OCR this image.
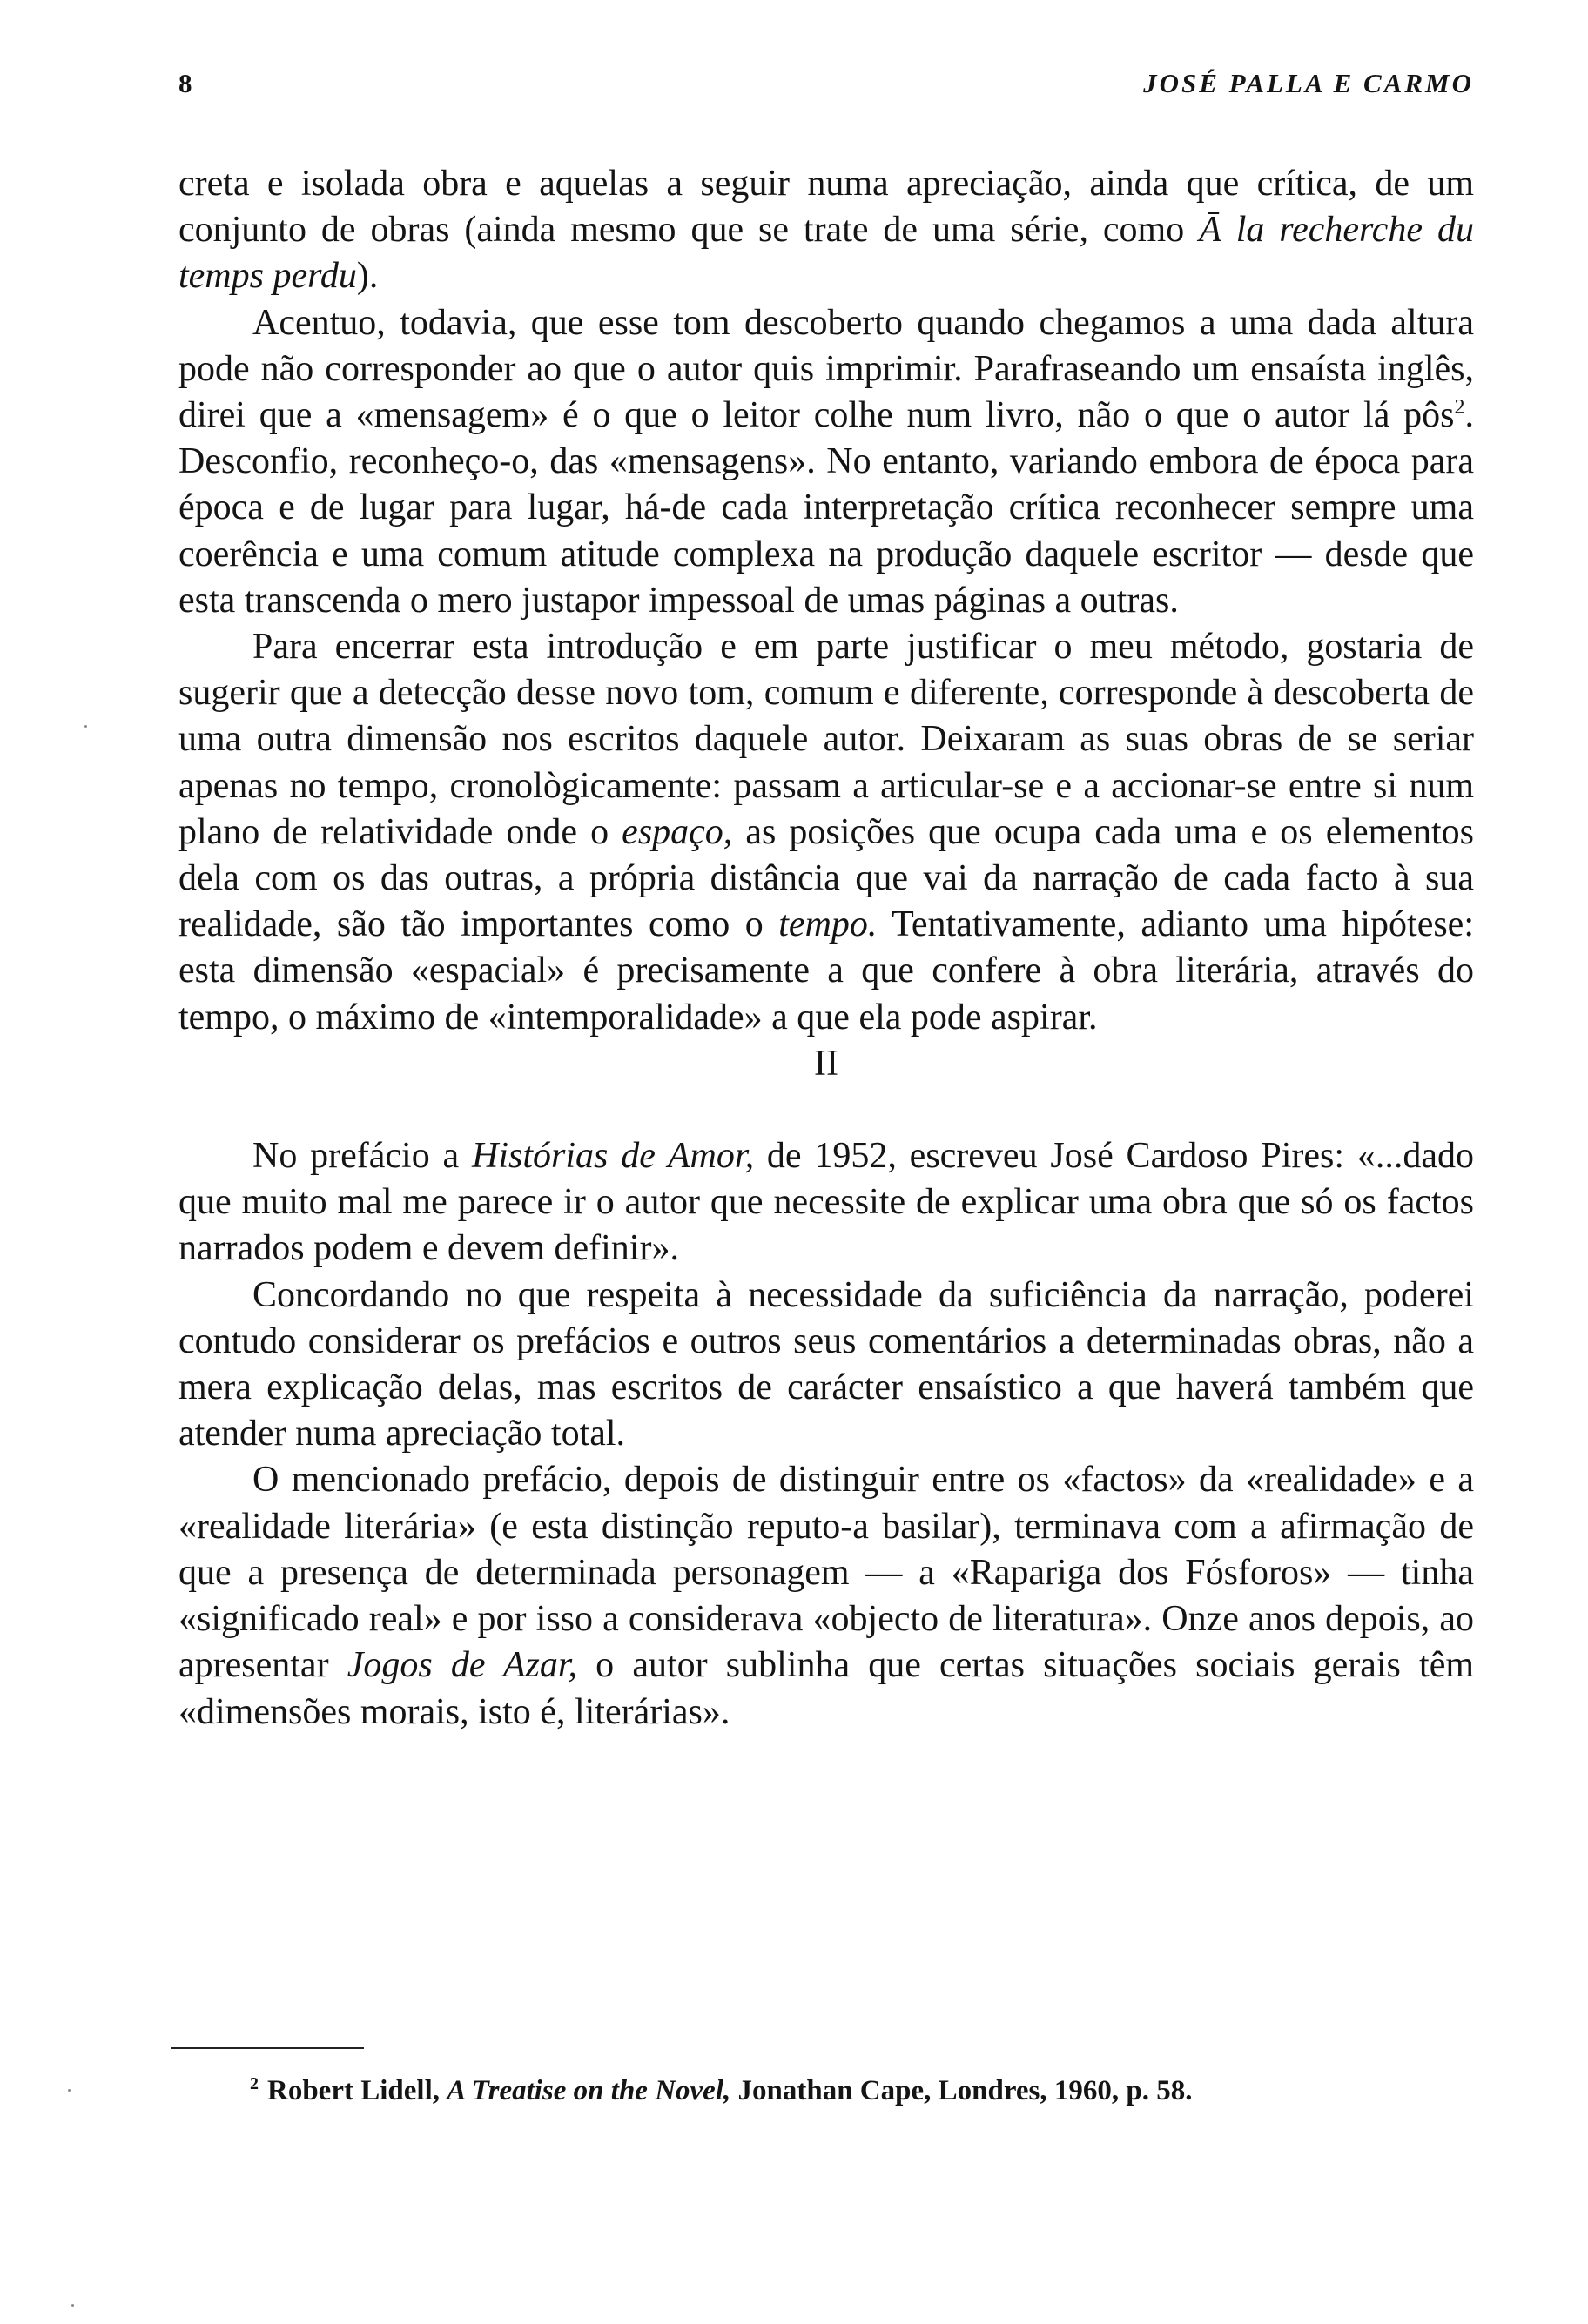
8	JOSÉ PALLA E CARMO

creta e isolada obra e aquelas a seguir numa apreciação, ainda que crítica, de um conjunto de obras (ainda mesmo que se trate de uma série, como Ā la recherche du temps perdu).

Acentuo, todavia, que esse tom descoberto quando chegamos a uma dada altura pode não corresponder ao que o autor quis imprimir. Parafraseando um ensaísta inglês, direi que a «mensagem» é o que o leitor colhe num livro, não o que o autor lá pôs$^2$. Desconfio, reconheço-o, das «mensagens». No entanto, variando embora de época para época e de lugar para lugar, há-de cada interpretação crítica reconhecer sempre uma coerência e uma comum atitude complexa na produção daquele escritor — desde que esta transcenda o mero justapor impessoal de umas páginas a outras.

Para encerrar esta introdução e em parte justificar o meu método, gostaria de sugerir que a detecção desse novo tom, comum e diferente, corresponde à descoberta de uma outra dimensão nos escritos daquele autor. Deixaram as suas obras de se seriar apenas no tempo, cronològicamente: passam a articular-se e a accionar-se entre si num plano de relatividade onde o espaço, as posições que ocupa cada uma e os elementos dela com os das outras, a própria distância que vai da narração de cada facto à sua realidade, são tão importantes como o tempo. Tentativamente, adianto uma hipótese: esta dimensão «espacial» é precisamente a que confere à obra literária, através do tempo, o máximo de «intemporalidade» a que ela pode aspirar.

II

No prefácio a Histórias de Amor, de 1952, escreveu José Cardoso Pires: «...dado que muito mal me parece ir o autor que necessite de explicar uma obra que só os factos narrados podem e devem definir».

Concordando no que respeita à necessidade da suficiência da narração, poderei contudo considerar os prefácios e outros seus comentários a determinadas obras, não a mera explicação delas, mas escritos de carácter ensaístico a que haverá também que atender numa apreciação total.

O mencionado prefácio, depois de distinguir entre os «factos» da «realidade» e a «realidade literária» (e esta distinção reputo-a basilar), terminava com a afirmação de que a presença de determinada personagem — a «Rapariga dos Fósforos» — tinha «significado real» e por isso a considerava «objecto de literatura». Onze anos depois, ao apresentar Jogos de Azar, o autor sublinha que certas situações sociais gerais têm «dimensões morais, isto é, literárias».

$^2$ Robert Lidell, A Treatise on the Novel, Jonathan Cape, Londres, 1960, p. 58.
